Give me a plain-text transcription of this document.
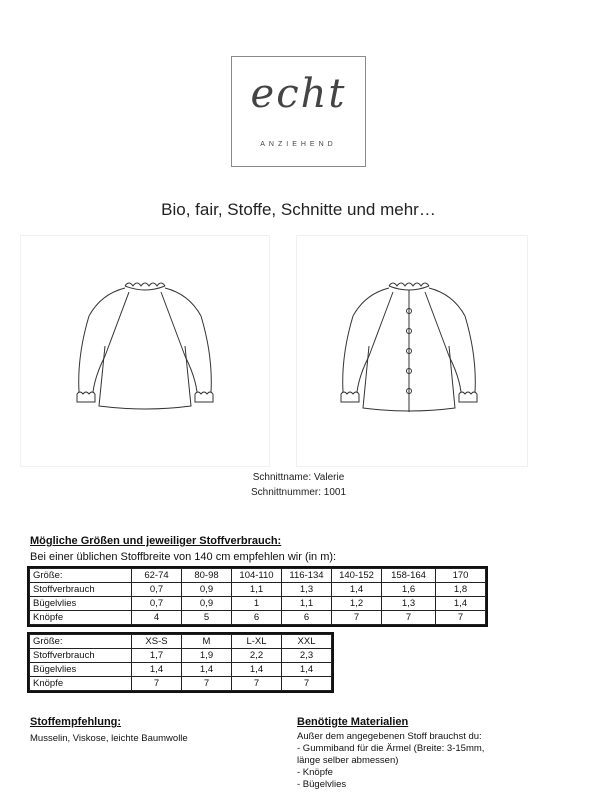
echt
ANZIEHEND
Bio, fair, Stoffe, Schnitte und mehr…
Schnittname: Valerie
Schnittnummer: 1001
Mögliche Größen und jeweiliger Stoffverbrauch:
Bei einer üblichen Stoffbreite von 140 cm empfehlen wir (in m):
Größe:	62-74	80-98	104-110	116-134	140-152	158-164	170
Stoffverbrauch	0,7	0,9	1,1	1,3	1,4	1,6	1,8
Bügelvlies	0,7	0,9	1	1,1	1,2	1,3	1,4
Knöpfe	4	5	6	6	7	7	7
Größe:	XS-S	M	L-XL	XXL
Stoffverbrauch	1,7	1,9	2,2	2,3
Bügelvlies	1,4	1,4	1,4	1,4
Knöpfe	7	7	7	7
Stoffempfehlung:
Musselin, Viskose, leichte Baumwolle
Benötigte Materialien
Außer dem angegebenen Stoff brauchst du:
- Gummiband für die Ärmel (Breite: 3-15mm,
länge selber abmessen)
- Knöpfe
- Bügelvlies
